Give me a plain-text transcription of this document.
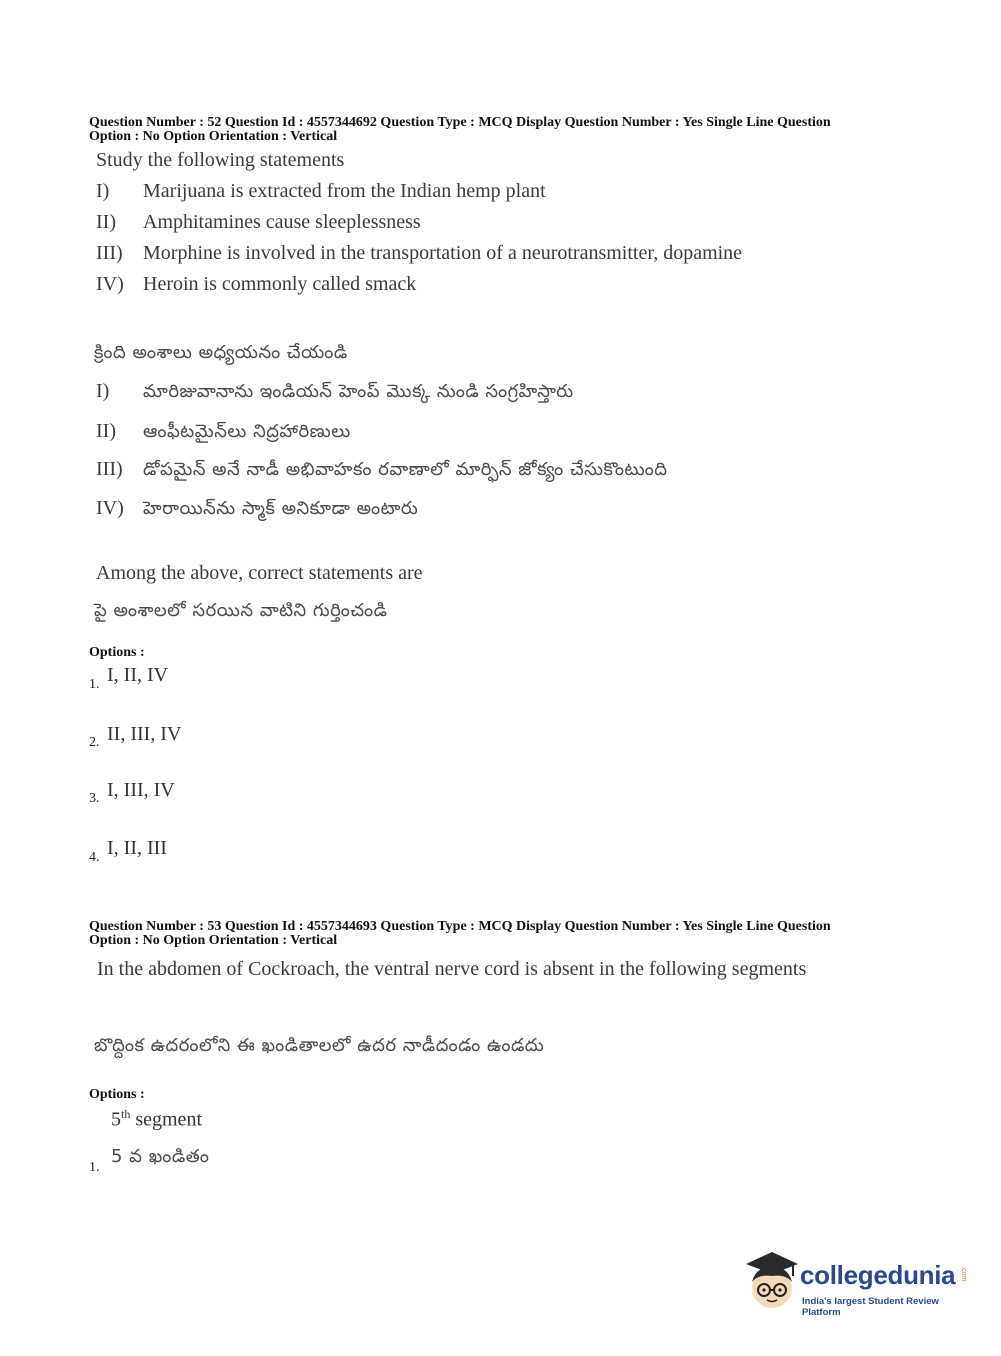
Question Number : 52 Question Id : 4557344692 Question Type : MCQ Display Question Number : Yes Single Line Question
Option : No Option Orientation : Vertical
Study the following statements
I) Marijuana is extracted from the Indian hemp plant
II) Amphitamines cause sleeplessness
III) Morphine is involved in the transportation of a neurotransmitter, dopamine
IV) Heroin is commonly called smack
క్రింది అంశాలు అధ్యయనం చేయండి
I) మారిజువానాను ఇండియన్ హెంప్ మొక్క నుండి సంగ్రహిస్తారు
II) ఆంఫీటమైన్‌లు నిద్రహారిణులు
III) డోపమైన్ అనే నాడీ అభివాహకం రవాణాలో మార్ఫిన్ జోక్యం చేసుకొంటుంది
IV) హెరాయిన్‌ను స్మాక్ అనికూడా అంటారు
Among the above, correct statements are
పై అంశాలలో సరయిన వాటిని గుర్తించండి
Options :
1. I, II, IV
2. II, III, IV
3. I, III, IV
4. I, II, III
Question Number : 53 Question Id : 4557344693 Question Type : MCQ Display Question Number : Yes Single Line Question
Option : No Option Orientation : Vertical
In the abdomen of Cockroach, the ventral nerve cord is absent in the following segments
బొద్దింక ఉదరంలోని ఈ ఖండితాలలో ఉదర నాడీదండం ఉండదు
Options :
5th segment
5 వ ఖండితం
1.
collegedunia .com
India's largest Student Review Platform
